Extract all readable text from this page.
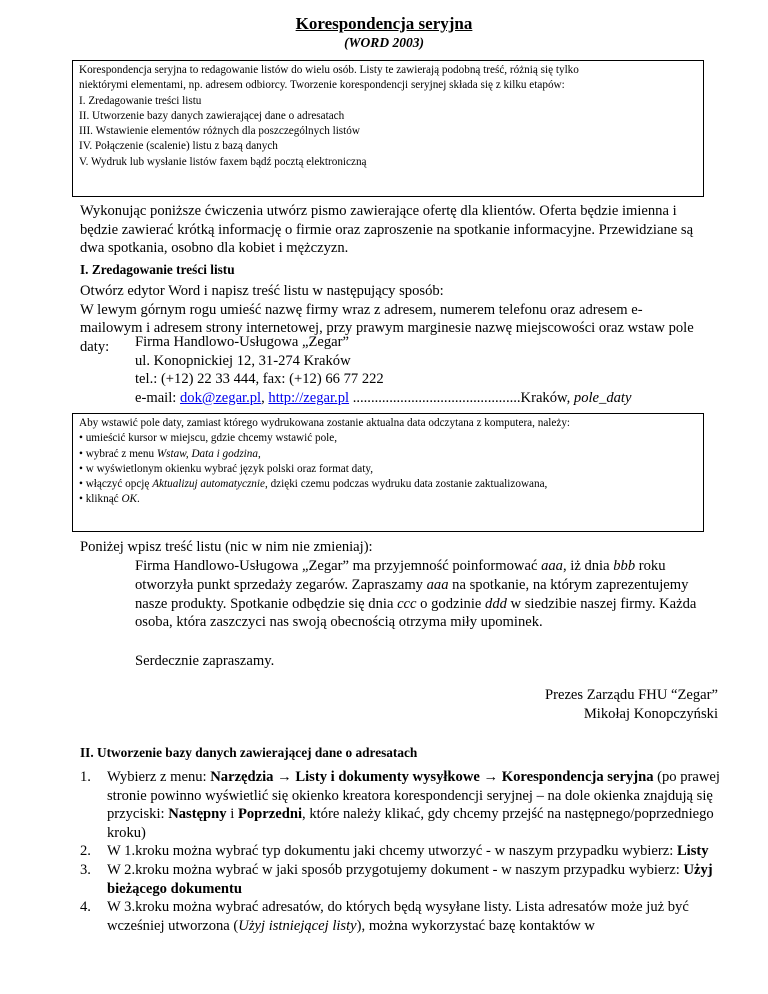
Korespondencja seryjna
(WORD 2003)
Korespondencja seryjna to redagowanie listów do wielu osób. Listy te zawierają podobną treść, różnią się tylko
niektórymi elementami, np. adresem odbiorcy. Tworzenie korespondencji seryjnej składa się z kilku etapów:
I. Zredagowanie treści listu
II. Utworzenie bazy danych zawierającej dane o adresatach
III. Wstawienie elementów różnych dla poszczególnych listów
IV. Połączenie (scalenie) listu z bazą danych
V. Wydruk lub wysłanie listów faxem bądź pocztą elektroniczną
Wykonując poniższe ćwiczenia utwórz pismo zawierające ofertę dla klientów. Oferta będzie imienna i będzie zawierać krótką informację o firmie oraz zaproszenie na spotkanie informacyjne. Przewidziane są dwa spotkania, osobno dla kobiet i mężczyzn.
I. Zredagowanie treści listu
Otwórz edytor Word i napisz treść listu w następujący sposób:
W lewym górnym rogu umieść nazwę firmy wraz z adresem, numerem telefonu oraz adresem e-mailowym i adresem strony internetowej, przy prawym marginesie nazwę miejscowości oraz wstaw pole daty:	Firma Handlowo-Usługowa „Zegar”
ul. Konopnickiej 12, 31-274 Kraków
tel.: (+12) 22 33 444, fax: (+12) 66 77 222
e-mail: dok@zegar.pl, http://zegar.pl ..............................................Kraków, pole_daty
Aby wstawić pole daty, zamiast którego wydrukowana zostanie aktualna data odczytana z komputera, należy:
• umieścić kursor w miejscu, gdzie chcemy wstawić pole,
• wybrać z menu Wstaw, Data i godzina,
• w wyświetlonym okienku wybrać język polski oraz format daty,
• włączyć opcję Aktualizuj automatycznie, dzięki czemu podczas wydruku data zostanie zaktualizowana,
• kliknąć OK.
Poniżej wpisz treść listu (nic w nim nie zmieniaj):
Firma Handlowo-Usługowa „Zegar” ma przyjemność poinformować aaa, iż dnia bbb roku otworzyła punkt sprzedaży zegarów. Zapraszamy aaa na spotkanie, na którym zaprezentujemy nasze produkty. Spotkanie odbędzie się dnia ccc o godzinie ddd w siedzibie naszej firmy. Każda osoba, która zaszczyci nas swoją obecnością otrzyma miły upominek.
Serdecznie zapraszamy.
Prezes Zarządu FHU “Zegar”
Mikołaj Konopczyński
II. Utworzenie bazy danych zawierającej dane o adresatach
1. Wybierz z menu: Narzędzia → Listy i dokumenty wysyłkowe → Korespondencja seryjna (po prawej stronie powinno wyświetlić się okienko kreatora korespondencji seryjnej – na dole okienka znajdują się przyciski: Następny i Poprzedni, które należy klikać, gdy chcemy przejść na następnego/poprzedniego kroku)
2. W 1.kroku można wybrać typ dokumentu jaki chcemy utworzyć - w naszym przypadku wybierz: Listy
3. W 2.kroku można wybrać w jaki sposób przygotujemy dokument - w naszym przypadku wybierz: Użyj bieżącego dokumentu
4. W 3.kroku można wybrać adresatów, do których będą wysyłane listy. Lista adresatów może już być wcześniej utworzona (Użyj istniejącej listy), można wykorzystać bazę kontaktów w
